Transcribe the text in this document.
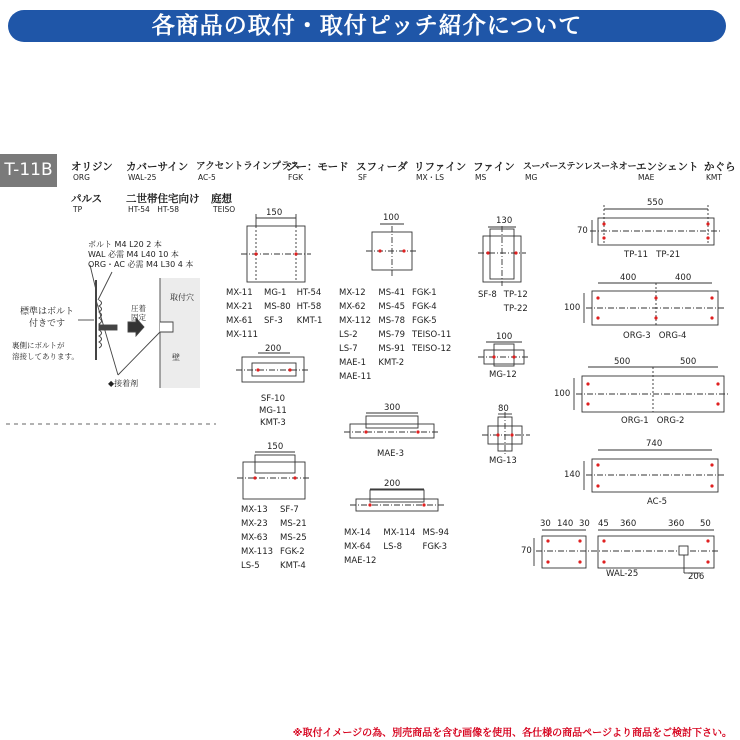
各商品の取付・取付ピッチ紹介について
T-11B	オリジン
ORG
カバーサイン
WAL-25
アクセントラインプラス
AC-5
ジー：モード
FGK
スフィーダ
SF
リファイン
MX・LS
ファイン
MS
スーパーステンレスーネオー
MG
エンシェント
MAE
かぐら
KMT
パルス
TP
二世帯住宅向け
HT-54　HT-58
庭想
TEISO
ボルト M4 L20 2 本
WAL 必需 M4 L40 10 本
ORG・AC 必需 M4 L30 4 本
標準はボルト
付きです
裏側にボルトが
溶接してあります。
圧着
固定
取付穴
壁
◆接着剤
150
200
150
100
300
200
130
100
80
550
70
400	400
100
500	500
100
740
140
30 140 30 45 360	360 50
70
206
MX-11	MG-1	HT-54
MX-21	MS-80	HT-58
MX-61	SF-3	KMT-1
MX-111		
SF-10
MG-11
KMT-3
MX-13	SF-7
MX-23	MS-21
MX-63	MS-25
MX-113	FGK-2
LS-5	KMT-4
MX-12	MS-41	FGK-1
MX-62	MS-45	FGK-4
MX-112	MS-78	FGK-5
LS-2	MS-79	TEISO-11
LS-7	MS-91	TEISO-12
MAE-1	KMT-2	
MAE-11		
MAE-3
MX-14	MX-114	MS-94
MX-64	LS-8	FGK-3
MAE-12		
SF-8	TP-12
	TP-22
MG-12
MG-13
TP-11 TP-21
ORG-3 ORG-4
ORG-1 ORG-2
AC-5
WAL-25
※取付イメージの為、別売商品を含む画像を使用、各仕様の商品ページより商品をご検討下さい。
